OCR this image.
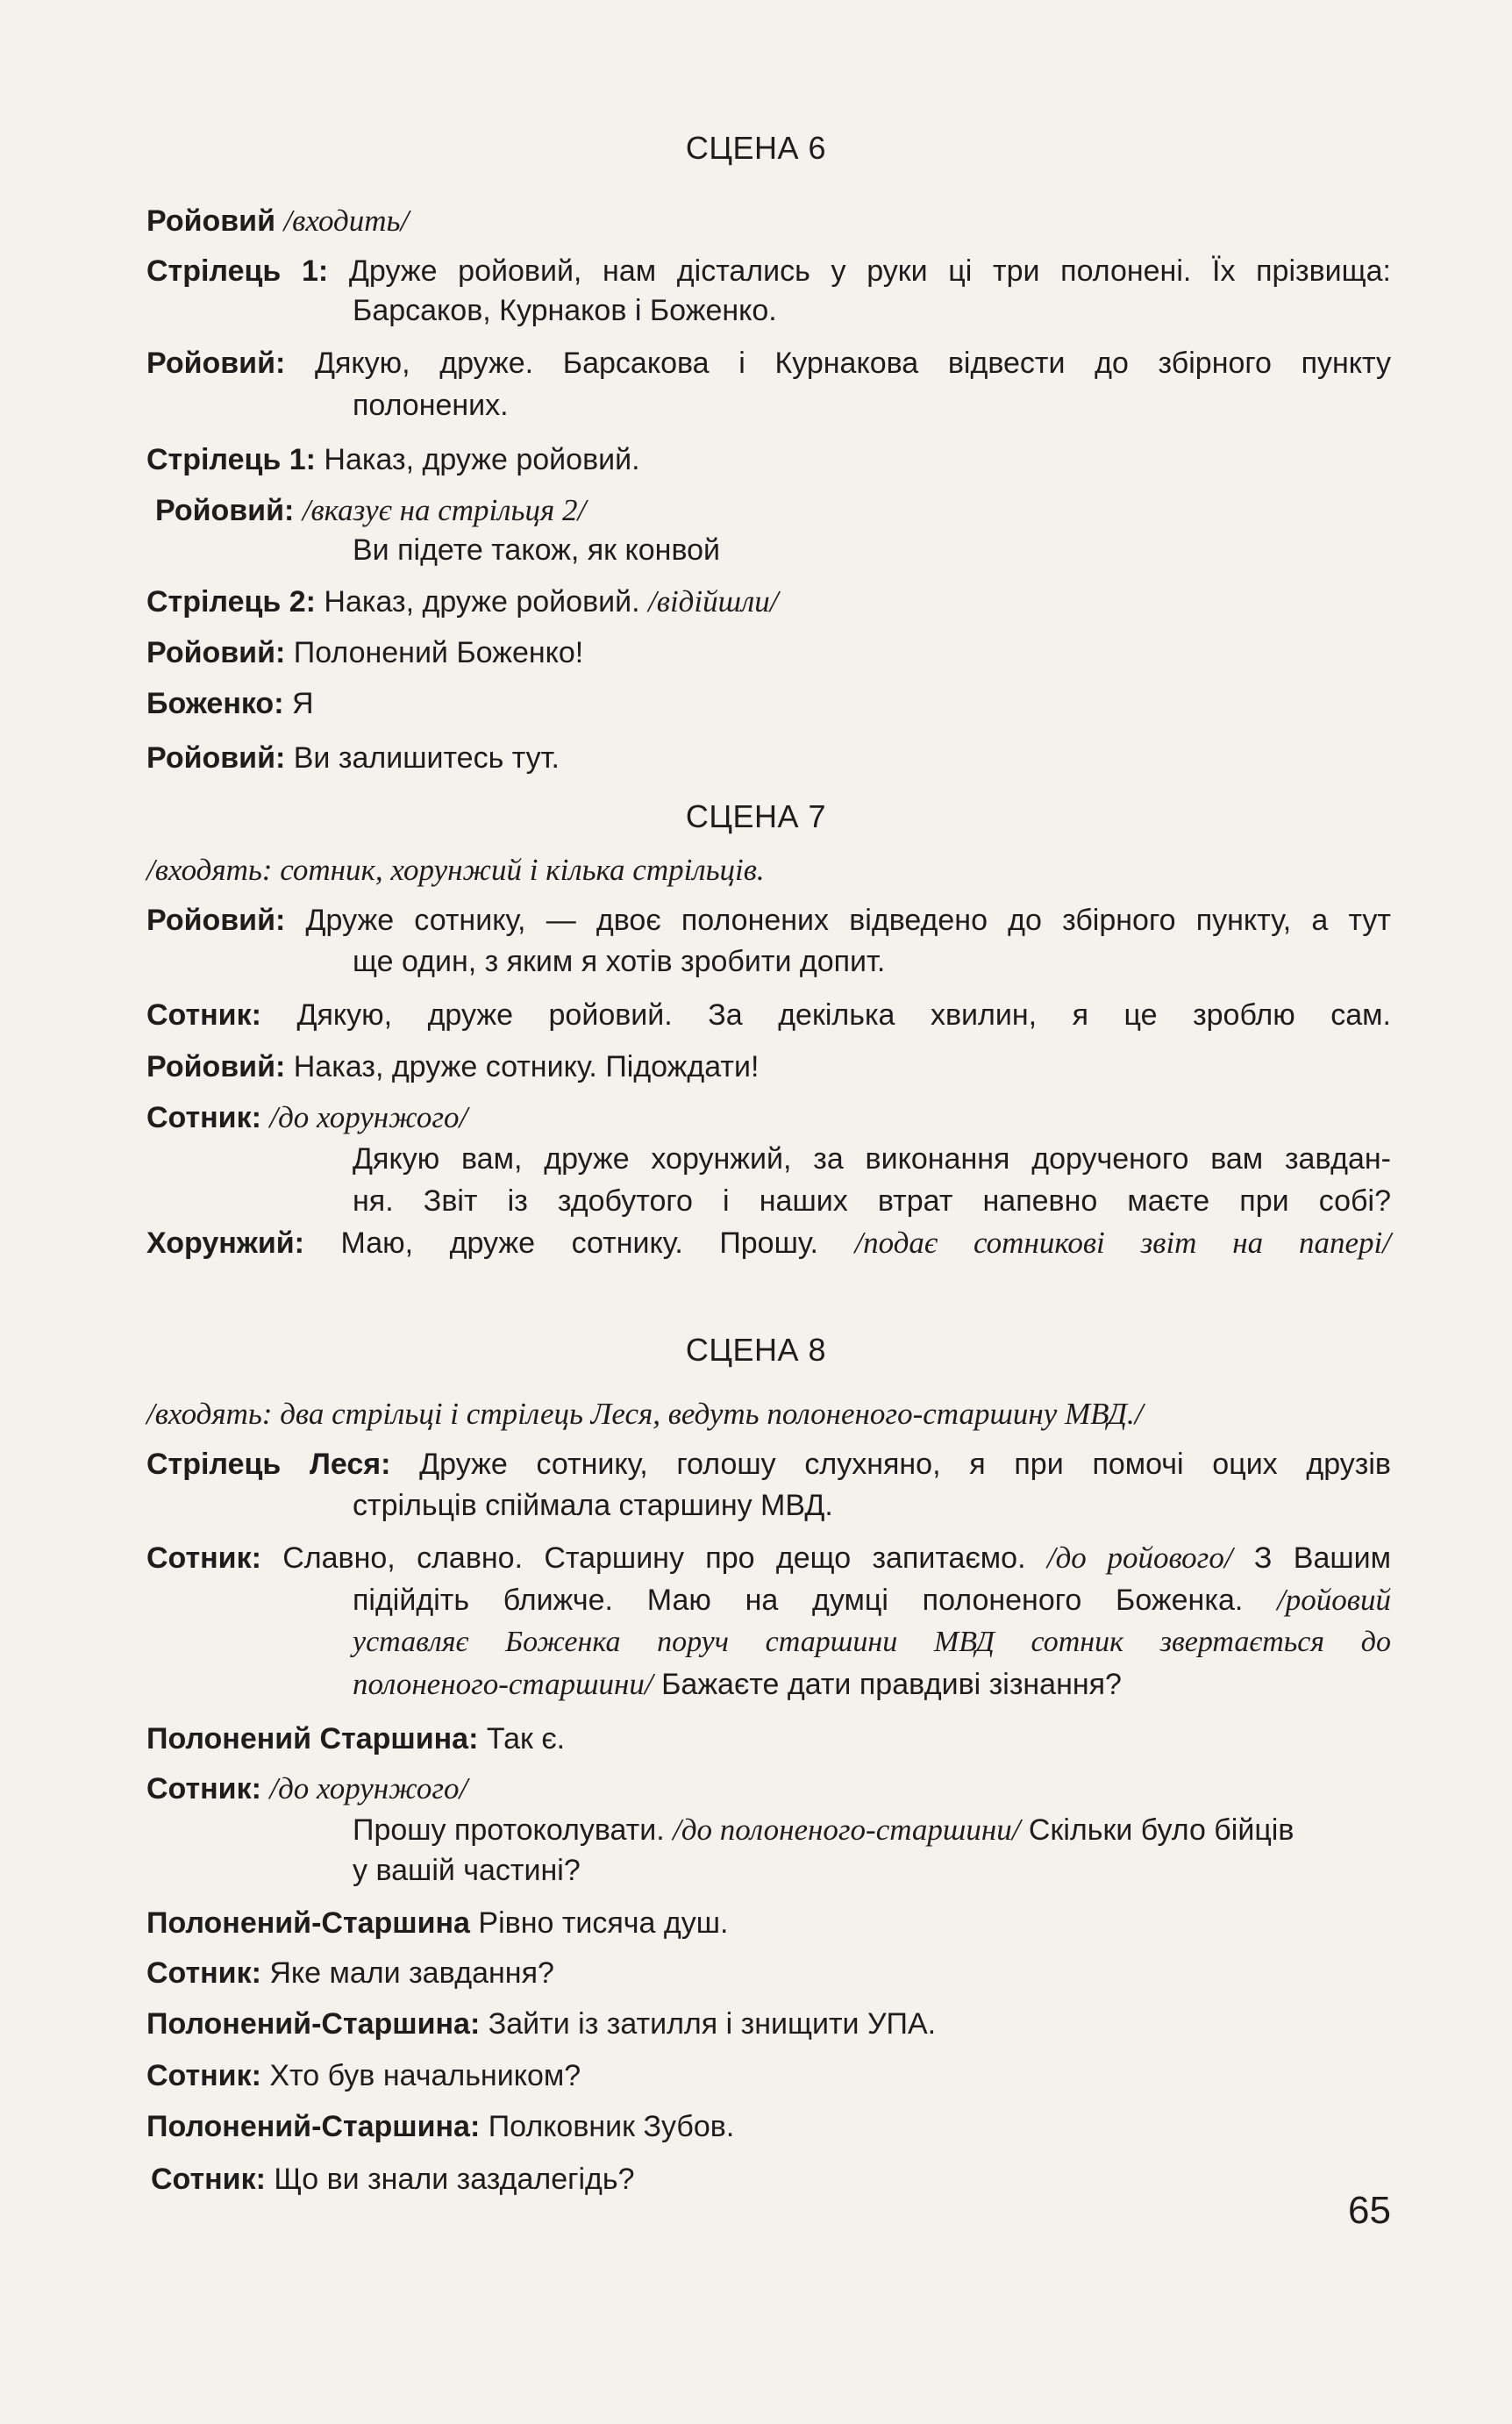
СЦЕНА 6
Ройовий /входить/
Стрілець 1: Друже ройовий, нам дістались у руки ці три полонені. Їх прізвища:
Барсаков, Курнаков і Боженко.
Ройовий: Дякую, друже. Барсакова і Курнакова відвести до збірного пункту
полонених.
Стрілець 1: Наказ, друже ройовий.
Ройовий: /вказує на стрільця 2/
Ви підете також, як конвой
Стрілець 2: Наказ, друже ройовий. /відійшли/
Ройовий: Полонений Боженко!
Боженко: Я
Ройовий: Ви залишитесь тут.
СЦЕНА 7
/входять: сотник, хорунжий і кілька стрільців.
Ройовий: Друже сотнику, — двоє полонених відведено до збірного пункту, а тут
ще один, з яким я хотів зробити допит.
Сотник: Дякую, друже ройовий. За декілька хвилин, я це зроблю сам.
Ройовий: Наказ, друже сотнику. Підождати!
Сотник: /до хорунжого/
Дякую вам, друже хорунжий, за виконання дорученого вам завдан-
ня. Звіт із здобутого і наших втрат напевно маєте при собі?
Хорунжий: Маю, друже сотнику. Прошу. /подає сотникові звіт на папері/
СЦЕНА 8
/входять: два стрільці і стрілець Леся, ведуть полоненого-старшину МВД./
Стрілець Леся: Друже сотнику, голошу слухняно, я при помочі оцих друзів
стрільців спіймала старшину МВД.
Сотник: Славно, славно. Старшину про дещо запитаємо. /до ройового/ З Вашим
підійдіть ближче. Маю на думці полоненого Боженка. /ройовий
уставляє Боженка поруч старшини МВД сотник звертається до
полоненого-старшини/ Бажаєте дати правдиві зізнання?
Полонений Старшина: Так є.
Сотник: /до хорунжого/
Прошу протоколувати. /до полоненого-старшини/ Скільки було бійців
у вашій частині?
Полонений-Старшина Рівно тисяча душ.
Сотник: Яке мали завдання?
Полонений-Старшина: Зайти із затилля і знищити УПА.
Сотник: Хто був начальником?
Полонений-Старшина: Полковник Зубов.
Сотник: Що ви знали заздалегідь?
65
